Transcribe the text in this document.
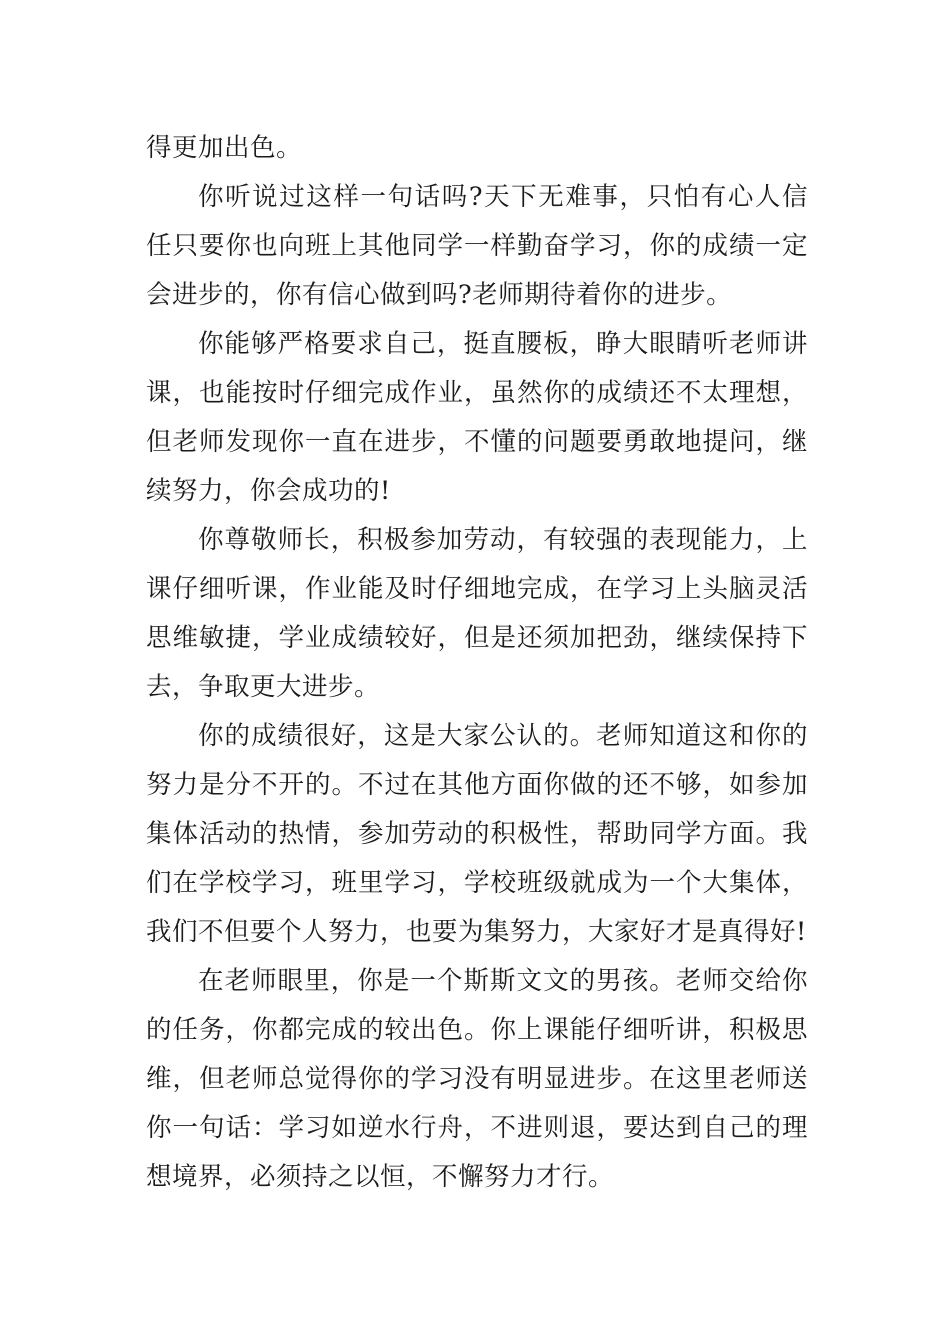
得更加出色。

你听说过这样一句话吗?天下无难事，只怕有心人信任只要你也向班上其他同学一样勤奋学习，你的成绩一定会进步的，你有信心做到吗?老师期待着你的进步。

你能够严格要求自己，挺直腰板，睁大眼睛听老师讲课，也能按时仔细完成作业，虽然你的成绩还不太理想，但老师发现你一直在进步，不懂的问题要勇敢地提问，继续努力，你会成功的!

你尊敬师长，积极参加劳动，有较强的表现能力，上课仔细听课，作业能及时仔细地完成，在学习上头脑灵活思维敏捷，学业成绩较好，但是还须加把劲，继续保持下去，争取更大进步。

你的成绩很好，这是大家公认的。老师知道这和你的努力是分不开的。不过在其他方面你做的还不够，如参加集体活动的热情，参加劳动的积极性，帮助同学方面。我们在学校学习，班里学习，学校班级就成为一个大集体，我们不但要个人努力，也要为集努力，大家好才是真得好!

在老师眼里，你是一个斯斯文文的男孩。老师交给你的任务，你都完成的较出色。你上课能仔细听讲，积极思维，但老师总觉得你的学习没有明显进步。在这里老师送你一句话：学习如逆水行舟，不进则退，要达到自己的理想境界，必须持之以恒，不懈努力才行。
